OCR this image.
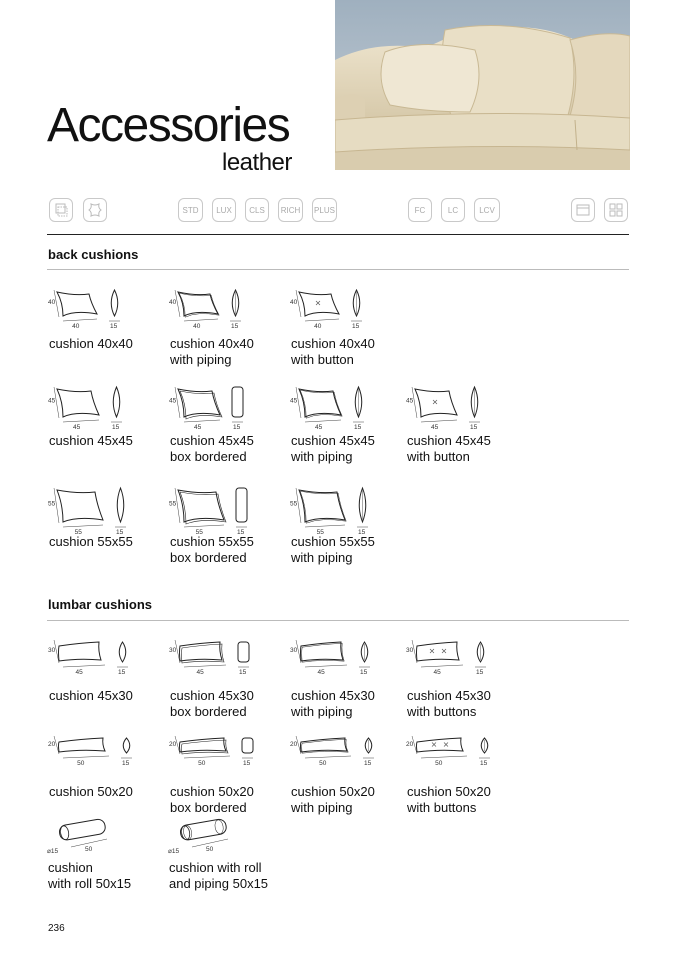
Accessories
leather
STD	LUX	CLS	RICH	PLUS	FC	LC	LCV
back cushions
lumbar cushions
40
40	15
cushion 40x40
40
40	15
cushion 40x40
with piping
40
40	15
cushion 40x40
with button
45
45	15
cushion 45x45
45
45	15
cushion 45x45
box bordered
45
45	15
cushion 45x45
with piping
45
45	15
cushion 45x45
with button
55
55	15
cushion 55x55
55
55	15
cushion 55x55
box bordered
55
55	15
cushion 55x55
with piping
30
45	15
cushion 45x30
30
45	15
cushion 45x30
box bordered
30
45	15
cushion 45x30
with piping
30
45	15
cushion 45x30
with buttons
20
50	15
cushion 50x20
20
50	15
cushion 50x20
box bordered
20
50	15
cushion 50x20
with piping
20
50	15
cushion 50x20
with buttons
⌀15	50
cushion
with roll 50x15
⌀15	50
cushion with roll
and piping 50x15
236
